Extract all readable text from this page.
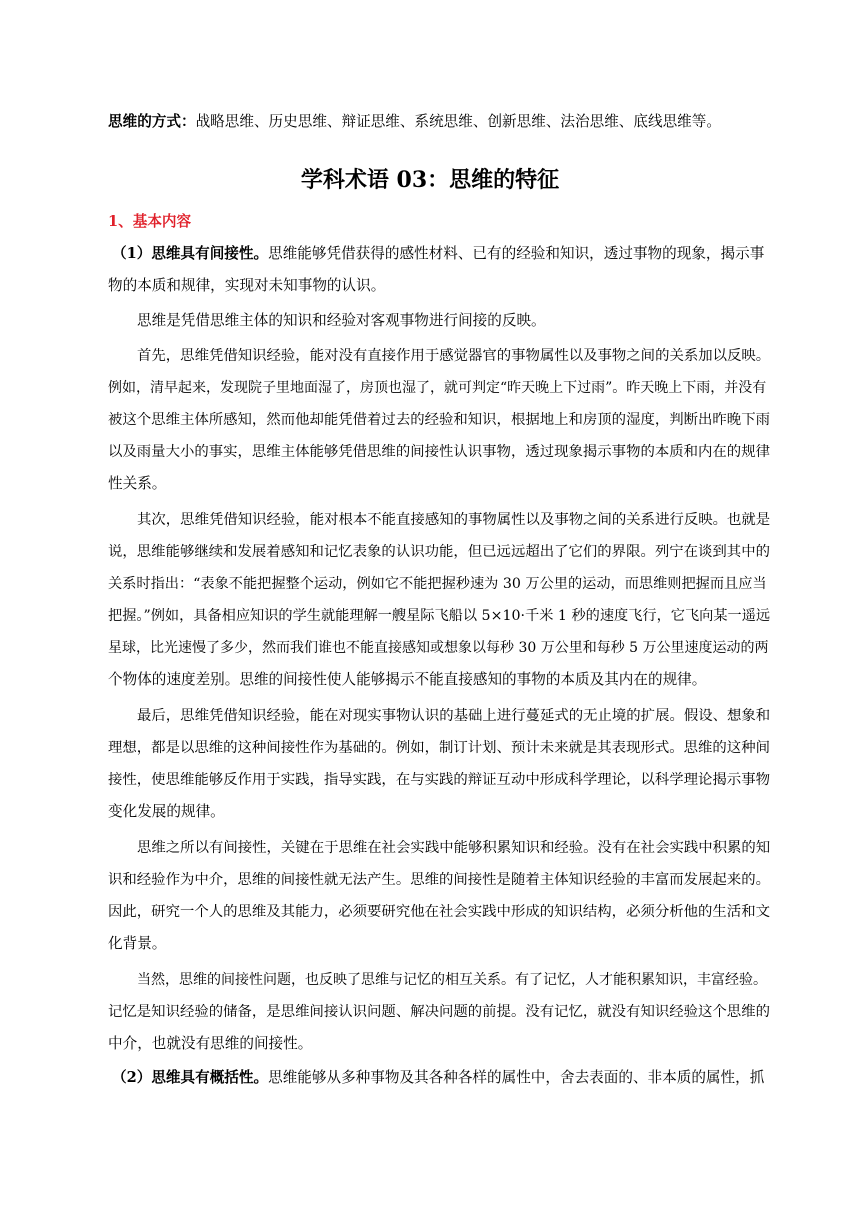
思维的方式：战略思维、历史思维、辩证思维、系统思维、创新思维、法治思维、底线思维等。
学科术语 03：思维的特征
1、基本内容
（1）思维具有间接性。思维能够凭借获得的感性材料、已有的经验和知识，透过事物的现象，揭示事
物的本质和规律，实现对未知事物的认识。
思维是凭借思维主体的知识和经验对客观事物进行间接的反映。
首先，思维凭借知识经验，能对没有直接作用于感觉器官的事物属性以及事物之间的关系加以反映。
例如，清早起来，发现院子里地面湿了，房顶也湿了，就可判定“昨天晚上下过雨”。昨天晚上下雨，并没有
被这个思维主体所感知，然而他却能凭借着过去的经验和知识，根据地上和房顶的湿度，判断出昨晚下雨
以及雨量大小的事实，思维主体能够凭借思维的间接性认识事物，透过现象揭示事物的本质和内在的规律
性关系。
其次，思维凭借知识经验，能对根本不能直接感知的事物属性以及事物之间的关系进行反映。也就是
说，思维能够继续和发展着感知和记忆表象的认识功能，但已远远超出了它们的界限。列宁在谈到其中的
关系时指出：“表象不能把握整个运动，例如它不能把握秒速为 30 万公里的运动，而思维则把握而且应当
把握。”例如，具备相应知识的学生就能理解一艘星际飞船以 5×10·千米 1 秒的速度飞行，它飞向某一遥远
星球，比光速慢了多少，然而我们谁也不能直接感知或想象以每秒 30 万公里和每秒 5 万公里速度运动的两
个物体的速度差别。思维的间接性使人能够揭示不能直接感知的事物的本质及其内在的规律。
最后，思维凭借知识经验，能在对现实事物认识的基础上进行蔓延式的无止境的扩展。假设、想象和
理想，都是以思维的这种间接性作为基础的。例如，制订计划、预计未来就是其表现形式。思维的这种间
接性，使思维能够反作用于实践，指导实践，在与实践的辩证互动中形成科学理论，以科学理论揭示事物
变化发展的规律。
思维之所以有间接性，关键在于思维在社会实践中能够积累知识和经验。没有在社会实践中积累的知
识和经验作为中介，思维的间接性就无法产生。思维的间接性是随着主体知识经验的丰富而发展起来的。
因此，研究一个人的思维及其能力，必须要研究他在社会实践中形成的知识结构，必须分析他的生活和文
化背景。
当然，思维的间接性问题，也反映了思维与记忆的相互关系。有了记忆，人才能积累知识，丰富经验。
记忆是知识经验的储备，是思维间接认识问题、解决问题的前提。没有记忆，就没有知识经验这个思维的
中介，也就没有思维的间接性。
（2）思维具有概括性。思维能够从多种事物及其各种各样的属性中，舍去表面的、非本质的属性，抓
